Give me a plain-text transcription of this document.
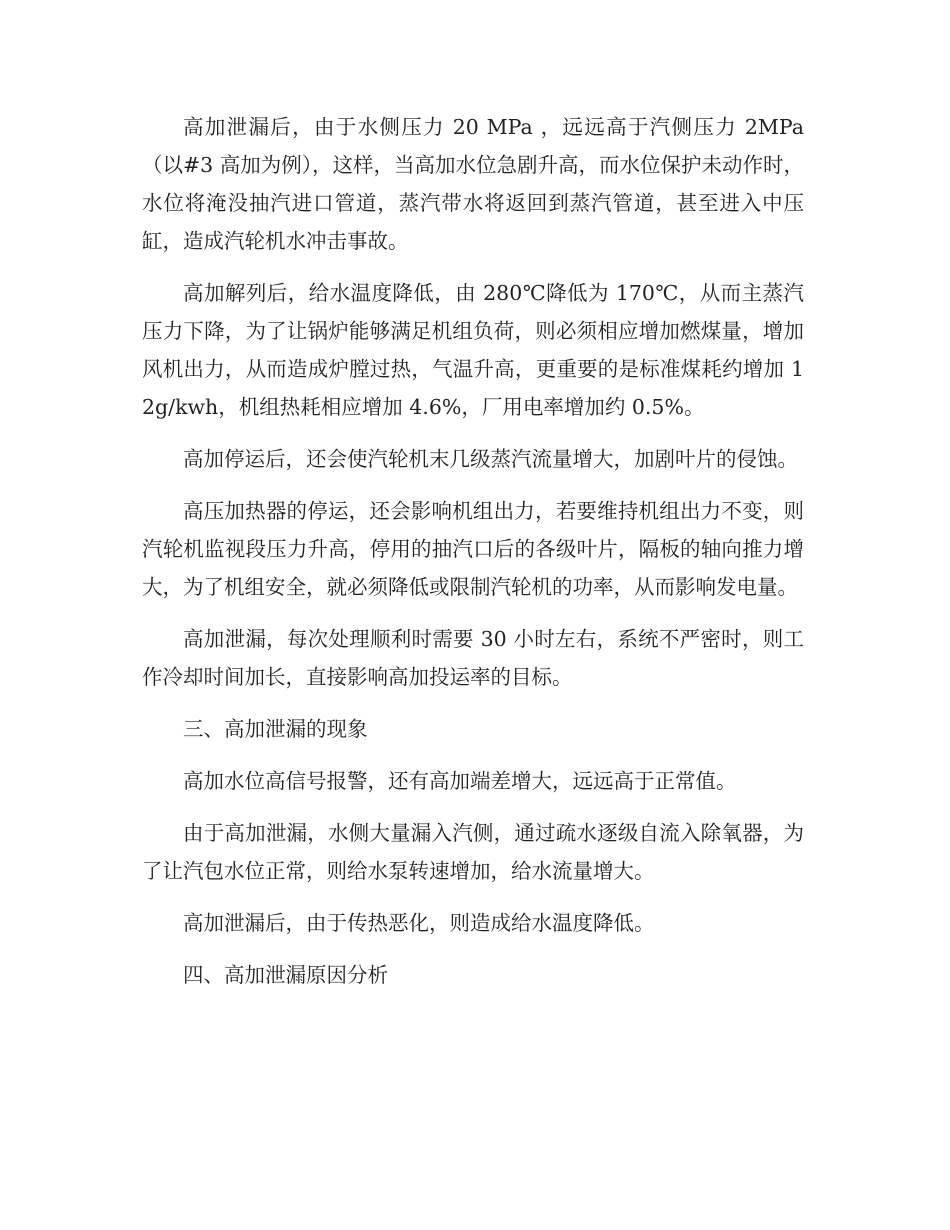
高加泄漏后，由于水侧压力 20 MPa ，远远高于汽侧压力 2MPa（以#3 高加为例），这样，当高加水位急剧升高，而水位保护未动作时，水位将淹没抽汽进口管道，蒸汽带水将返回到蒸汽管道，甚至进入中压缸，造成汽轮机水冲击事故。

高加解列后，给水温度降低，由 280℃降低为 170℃，从而主蒸汽压力下降，为了让锅炉能够满足机组负荷，则必须相应增加燃煤量，增加风机出力，从而造成炉膛过热，气温升高，更重要的是标准煤耗约增加 12g/kwh，机组热耗相应增加 4.6%，厂用电率增加约 0.5%。

高加停运后，还会使汽轮机末几级蒸汽流量增大，加剧叶片的侵蚀。

高压加热器的停运，还会影响机组出力，若要维持机组出力不变，则汽轮机监视段压力升高，停用的抽汽口后的各级叶片，隔板的轴向推力增大，为了机组安全，就必须降低或限制汽轮机的功率，从而影响发电量。

高加泄漏，每次处理顺利时需要 30 小时左右，系统不严密时，则工作冷却时间加长，直接影响高加投运率的目标。

三、高加泄漏的现象

高加水位高信号报警，还有高加端差增大，远远高于正常值。

由于高加泄漏，水侧大量漏入汽侧，通过疏水逐级自流入除氧器，为了让汽包水位正常，则给水泵转速增加，给水流量增大。

高加泄漏后，由于传热恶化，则造成给水温度降低。

四、高加泄漏原因分析
